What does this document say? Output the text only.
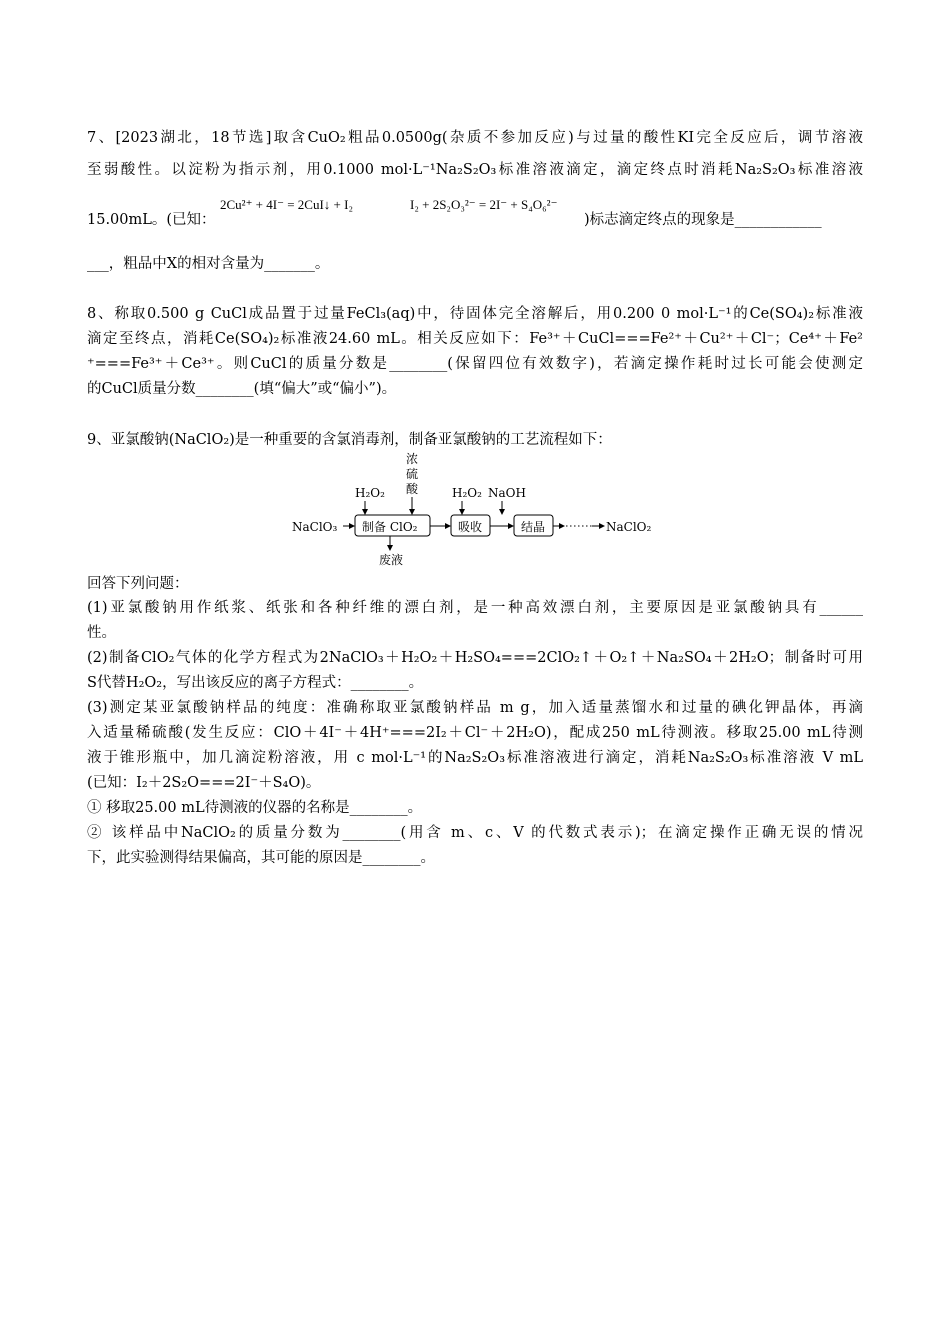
7、[2023湖北，18节选]取含CuO₂粗品0.0500g(杂质不参加反应)与过量的酸性KI完全反应后，调节溶液
至弱酸性。以淀粉为指示剂，用0.1000 mol·L⁻¹Na₂S₂O₃标准溶液滴定，滴定终点时消耗Na₂S₂O₃标准溶液
15.00mL。(已知：
2Cu²⁺ + 4I⁻ = 2CuI↓ + I₂	I₂ + 2S₂O₃²⁻ = 2I⁻ + S₄O₆²⁻
)标志滴定终点的现象是____________
___，粗品中X的相对含量为_______。
8、称取0.500 g CuCl成品置于过量FeCl₃(aq)中，待固体完全溶解后，用0.200 0 mol·L⁻¹的Ce(SO₄)₂标准液
滴定至终点，消耗Ce(SO₄)₂标准液24.60 mL。相关反应如下：Fe³⁺＋CuCl===Fe²⁺＋Cu²⁺＋Cl⁻；Ce⁴⁺＋Fe²
⁺===Fe³⁺＋Ce³⁺。则CuCl的质量分数是________(保留四位有效数字)，若滴定操作耗时过长可能会使测定
的CuCl质量分数________(填“偏大”或“偏小”)。
9、亚氯酸钠(NaClO₂)是一种重要的含氯消毒剂，制备亚氯酸钠的工艺流程如下：
H₂O₂
浓
硫
酸	H₂O₂ NaOH
NaClO₃ 制备 ClO₂	吸收	结晶	NaClO₂
废液
回答下列问题：
(1)亚氯酸钠用作纸浆、纸张和各种纤维的漂白剂，是一种高效漂白剂，主要原因是亚氯酸钠具有______
性。
(2)制备ClO₂气体的化学方程式为2NaClO₃＋H₂O₂＋H₂SO₄===2ClO₂↑＋O₂↑＋Na₂SO₄＋2H₂O；制备时可用
S代替H₂O₂，写出该反应的离子方程式：________。
(3)测定某亚氯酸钠样品的纯度：准确称取亚氯酸钠样品 m g，加入适量蒸馏水和过量的碘化钾晶体，再滴
入适量稀硫酸(发生反应：ClO＋4I⁻＋4H⁺===2I₂＋Cl⁻＋2H₂O)，配成250 mL待测液。移取25.00 mL待测
液于锥形瓶中，加几滴淀粉溶液，用 c mol·L⁻¹的Na₂S₂O₃标准溶液进行滴定，消耗Na₂S₂O₃标准溶液 V mL
(已知：I₂＋2S₂O===2I⁻＋S₄O)。
① 移取25.00 mL待测液的仪器的名称是________。
② 该样品中NaClO₂的质量分数为________(用含 m、c、V 的代数式表示)；在滴定操作正确无误的情况
下，此实验测得结果偏高，其可能的原因是________。
